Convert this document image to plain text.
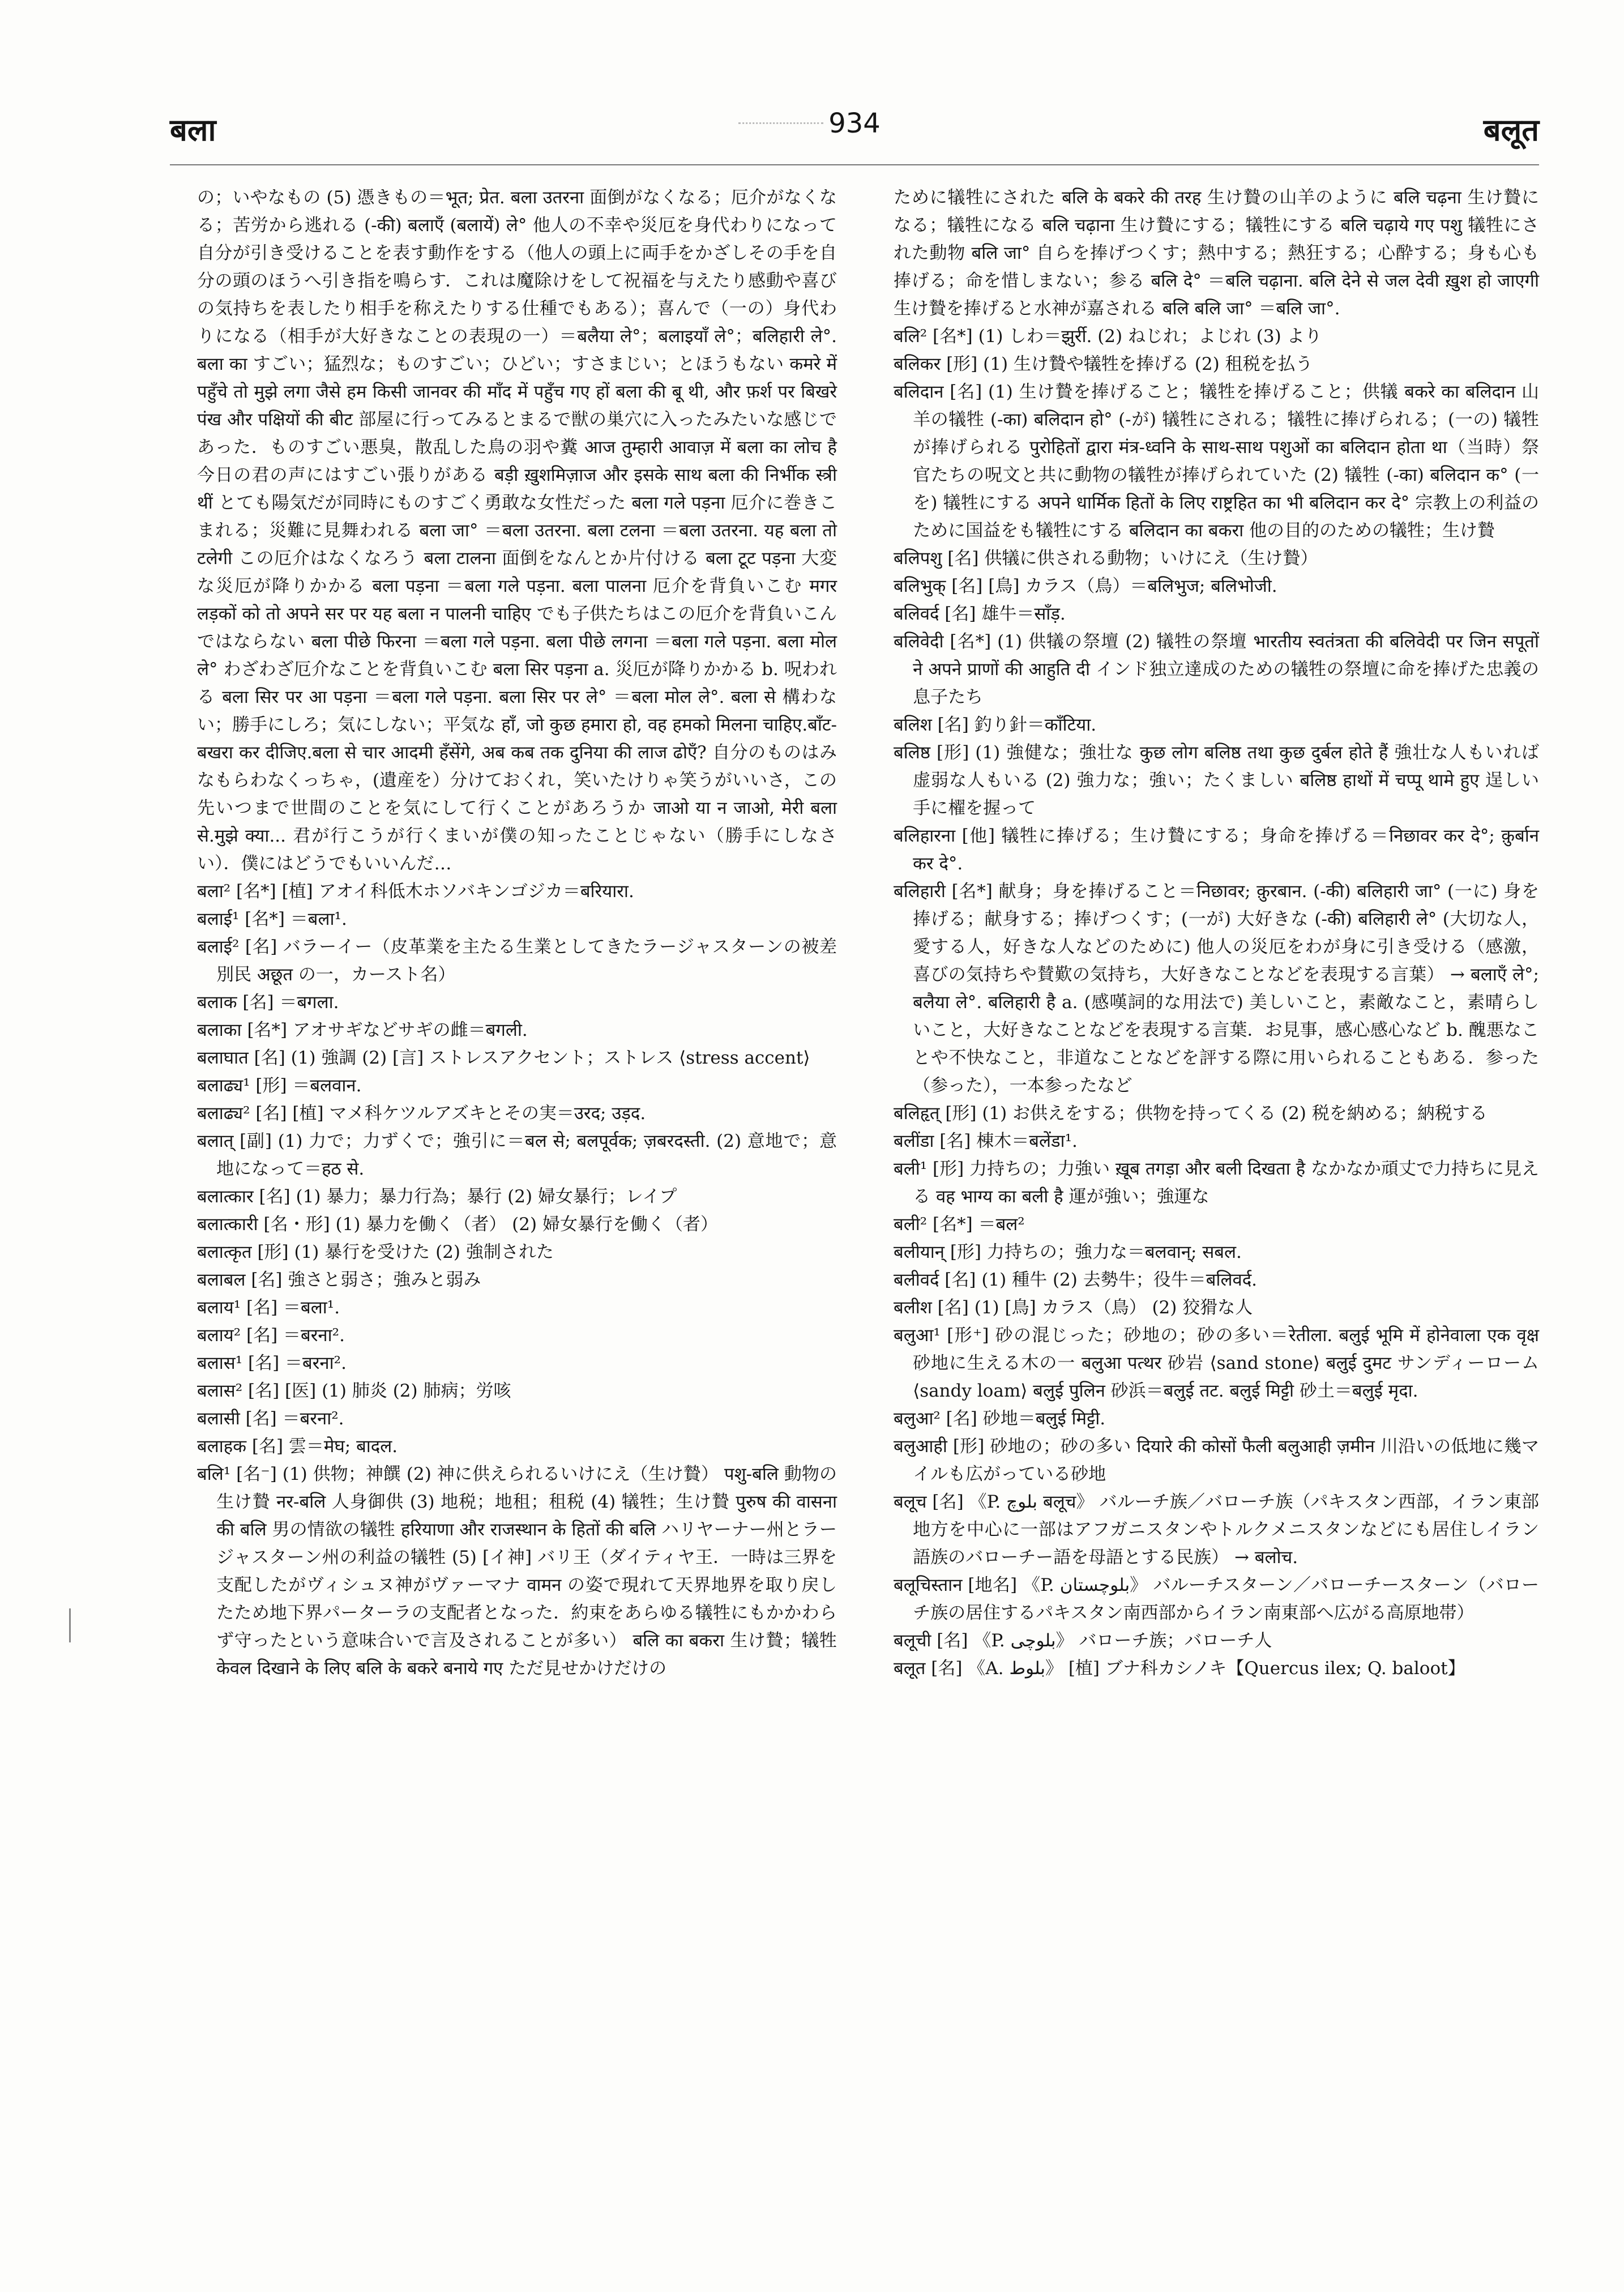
बला	934	बलूत

の；いやなもの (5) 憑きもの＝भूत; प्रेत. बला उतरना 面倒がなくなる；厄介がなくなる；苦労から逃れる (-की) बलाएँ (बलायें) ले° 他人の不幸や災厄を身代わりになって自分が引き受けることを表す動作をする（他人の頭上に両手をかざしその手を自分の頭のほうへ引き指を鳴らす．これは魔除けをして祝福を与えたり感動や喜びの気持ちを表したり相手を称えたりする仕種でもある）；喜んで（一の）身代わりになる（相手が大好きなことの表現の一）＝बलैया ले°；बलाइयाँ ले°；बलिहारी ले°. बला का すごい；猛烈な；ものすごい；ひどい；すさまじい；とほうもない कमरे में पहुँचे तो मुझे लगा जैसे हम किसी जानवर की माँद में पहुँच गए हों बला की बू थी, और फ़र्श पर बिखरे पंख और पक्षियों की बीट 部屋に行ってみるとまるで獣の巣穴に入ったみたいな感じであった．ものすごい悪臭，散乱した鳥の羽や糞 आज तुम्हारी आवाज़ में बला का लोच है 今日の君の声にはすごい張りがある बड़ी ख़ुशमिज़ाज और इसके साथ बला की निर्भीक स्त्री थीं とても陽気だが同時にものすごく勇敢な女性だった बला गले पड़ना 厄介に巻きこまれる；災難に見舞われる बला जा° ＝बला उतरना. बला टलना ＝बला उतरना. यह बला तो टलेगी この厄介はなくなろう बला टालना 面倒をなんとか片付ける बला टूट पड़ना 大変な災厄が降りかかる बला पड़ना ＝बला गले पड़ना. बला पालना 厄介を背負いこむ मगर लड़कों को तो अपने सर पर यह बला न पालनी चाहिए でも子供たちはこの厄介を背負いこんではならない बला पीछे फिरना ＝बला गले पड़ना. बला पीछे लगना ＝बला गले पड़ना. बला मोल ले° わざわざ厄介なことを背負いこむ बला सिर पड़ना a. 災厄が降りかかる b. 呪われる बला सिर पर आ पड़ना ＝बला गले पड़ना. बला सिर पर ले° ＝बला मोल ले°. बला से 構わない；勝手にしろ；気にしない；平気な हाँ, जो कुछ हमारा हो, वह हमको मिलना चाहिए.बाँट-बखरा कर दीजिए.बला से चार आदमी हँसेंगे, अब कब तक दुनिया की लाज ढोएँ? 自分のものはみなもらわなくっちゃ，(遺産を）分けておくれ，笑いたけりゃ笑うがいいさ，この先いつまで世間のことを気にして行くことがあろうか जाओ या न जाओ, मेरी बला से.मुझे क्या... 君が行こうが行くまいが僕の知ったことじゃない（勝手にしなさい）．僕にはどうでもいいんだ…

बला² [名*] [植] アオイ科低木ホソバキンゴジカ＝बरियारा.

बलाई¹ [名*] ＝बला¹.

बलाई² [名] バラーイー（皮革業を主たる生業としてきたラージャスターンの被差別民 अछूत の一，カースト名）

बलाक [名] ＝बगला.

बलाका [名*] アオサギなどサギの雌＝बगली.

बलाघात [名] (1) 強調 (2) [言] ストレスアクセント；ストレス ⟨stress accent⟩

बलाढ्य¹ [形] ＝बलवान.

बलाढ्य² [名] [植] マメ科ケツルアズキとその実＝उरद; उड़द.

बलात् [副] (1) 力で；力ずくで；強引に＝बल से; बलपूर्वक; ज़बरदस्ती. (2) 意地で；意地になって＝हठ से.

बलात्कार [名] (1) 暴力；暴力行為；暴行 (2) 婦女暴行；レイプ

बलात्कारी [名・形] (1) 暴力を働く（者） (2) 婦女暴行を働く（者）

बलात्कृत [形] (1) 暴行を受けた (2) 強制された

बलाबल [名] 強さと弱さ；強みと弱み

बलाय¹ [名] ＝बला¹.

बलाय² [名] ＝बरना².

बलास¹ [名] ＝बरना².

बलास² [名] [医] (1) 肺炎 (2) 肺病；労咳

बलासी [名] ＝बरना².

बलाहक [名] 雲＝मेघ; बादल.

बलि¹ [名⁻] (1) 供物；神饌 (2) 神に供えられるいけにえ（生け贄） पशु-बलि 動物の生け贄 नर-बलि 人身御供 (3) 地税；地租；租税 (4) 犠牲；生け贄 पुरुष की वासना की बलि 男の情欲の犠牲 हरियाणा और राजस्थान के हितों की बलि ハリヤーナー州とラージャスターン州の利益の犠牲 (5) [イ神] バリ王（ダイティヤ王．一時は三界を支配したがヴィシュヌ神がヴァーマナ वामन の姿で現れて天界地界を取り戻したため地下界パーターラの支配者となった．約束をあらゆる犠牲にもかかわらず守ったという意味合いで言及されることが多い） बलि का बकरा 生け贄；犠牲 केवल दिखाने के लिए बलि के बकरे बनाये गए ただ見せかけだけの

ために犠牲にされた बलि के बकरे की तरह 生け贄の山羊のように बलि चढ़ना 生け贄になる；犠牲になる बलि चढ़ाना 生け贄にする；犠牲にする बलि चढ़ाये गए पशु 犠牲にされた動物 बलि जा° 自らを捧げつくす；熱中する；熱狂する；心酔する；身も心も捧げる；命を惜しまない；参る बलि दे° ＝बलि चढ़ाना. बलि देने से जल देवी ख़ुश हो जाएगी 生け贄を捧げると水神が嘉される बलि बलि जा° ＝बलि जा°.

बलि² [名*] (1) しわ＝झुर्री. (2) ねじれ；よじれ (3) より

बलिकर [形] (1) 生け贄や犠牲を捧げる (2) 租税を払う

बलिदान [名] (1) 生け贄を捧げること；犠牲を捧げること；供犠 बकरे का बलिदान 山羊の犠牲 (-का) बलिदान हो° (-が) 犠牲にされる；犠牲に捧げられる；(一の) 犠牲が捧げられる पुरोहितों द्वारा मंत्र-ध्वनि के साथ-साथ पशुओं का बलिदान होता था（当時）祭官たちの呪文と共に動物の犠牲が捧げられていた (2) 犠牲 (-का) बलिदान क° (一を) 犠牲にする अपने धार्मिक हितों के लिए राष्ट्रहित का भी बलिदान कर दे° 宗教上の利益のために国益をも犠牲にする बलिदान का बकरा 他の目的のための犠牲；生け贄

बलिपशु [名] 供犠に供される動物；いけにえ（生け贄）

बलिभुक् [名] [鳥] カラス（鳥）＝बलिभुज; बलिभोजी.

बलिवर्द [名] 雄牛＝साँड़.

बलिवेदी [名*] (1) 供犠の祭壇 (2) 犠牲の祭壇 भारतीय स्वतंत्रता की बलिवेदी पर जिन सपूतों ने अपने प्राणों की आहुति दी インド独立達成のための犠牲の祭壇に命を捧げた忠義の息子たち

बलिश [名] 釣り針＝काँटिया.

बलिष्ठ [形] (1) 強健な；強壮な कुछ लोग बलिष्ठ तथा कुछ दुर्बल होते हैं 強壮な人もいれば虚弱な人もいる (2) 強力な；強い；たくましい बलिष्ठ हाथों में चप्पू थामे हुए 逞しい手に櫂を握って

बलिहारना [他] 犠牲に捧げる；生け贄にする；身命を捧げる＝निछावर कर दे°; क़ुर्बान कर दे°.

बलिहारी [名*] 献身；身を捧げること＝निछावर; क़ुरबान. (-की) बलिहारी जा° (一に) 身を捧げる；献身する；捧げつくす；(一が) 大好きな (-की) बलिहारी ले° (大切な人，愛する人，好きな人などのために) 他人の災厄をわが身に引き受ける（感激，喜びの気持ちや賛歎の気持ち，大好きなことなどを表現する言葉） → बलाएँ ले°; बलैया ले°. बलिहारी है a. (感嘆詞的な用法で) 美しいこと，素敵なこと，素晴らしいこと，大好きなことなどを表現する言葉．お見事，感心感心など b. 醜悪なことや不快なこと，非道なことなどを評する際に用いられることもある．参った（参った），一本参ったなど

बलिहृत् [形] (1) お供えをする；供物を持ってくる (2) 税を納める；納税する

बलींडा [名] 棟木＝बलेंडा¹.

बली¹ [形] 力持ちの；力強い ख़ूब तगड़ा और बली दिखता है なかなか頑丈で力持ちに見える वह भाग्य का बली है 運が強い；強運な

बली² [名*] ＝बल²

बलीयान् [形] 力持ちの；強力な＝बलवान्; सबल.

बलीवर्द [名] (1) 種牛 (2) 去勢牛；役牛＝बलिवर्द.

बलीश [名] (1) [鳥] カラス（鳥） (2) 狡猾な人

बलुआ¹ [形⁺] 砂の混じった；砂地の；砂の多い＝रेतीला. बलुई भूमि में होनेवाला एक वृक्ष 砂地に生える木の一 बलुआ पत्थर 砂岩 ⟨sand stone⟩ बलुई दुमट サンディーローム ⟨sandy loam⟩ बलुई पुलिन 砂浜＝बलुई तट. बलुई मिट्टी 砂土＝बलुई मृदा.

बलुआ² [名] 砂地＝बलुई मिट्टी.

बलुआही [形] 砂地の；砂の多い दियारे की कोसों फैली बलुआही ज़मीन 川沿いの低地に幾マイルも広がっている砂地

बलूच [名] 《P. بلوچ बलूच》 バルーチ族／バローチ族（パキスタン西部，イラン東部地方を中心に一部はアフガニスタンやトルクメニスタンなどにも居住しイラン語族のバローチー語を母語とする民族） → बलोच.

बलूचिस्तान [地名] 《P. بلوچستان》 バルーチスターン／バローチースターン（バローチ族の居住するパキスタン南西部からイラン南東部へ広がる高原地帯）

बलूची [名] 《P. بلوچی》 バローチ族；バローチ人

बलूत [名] 《A. بلوط》 [植] ブナ科カシノキ【Quercus ilex; Q. baloot】
